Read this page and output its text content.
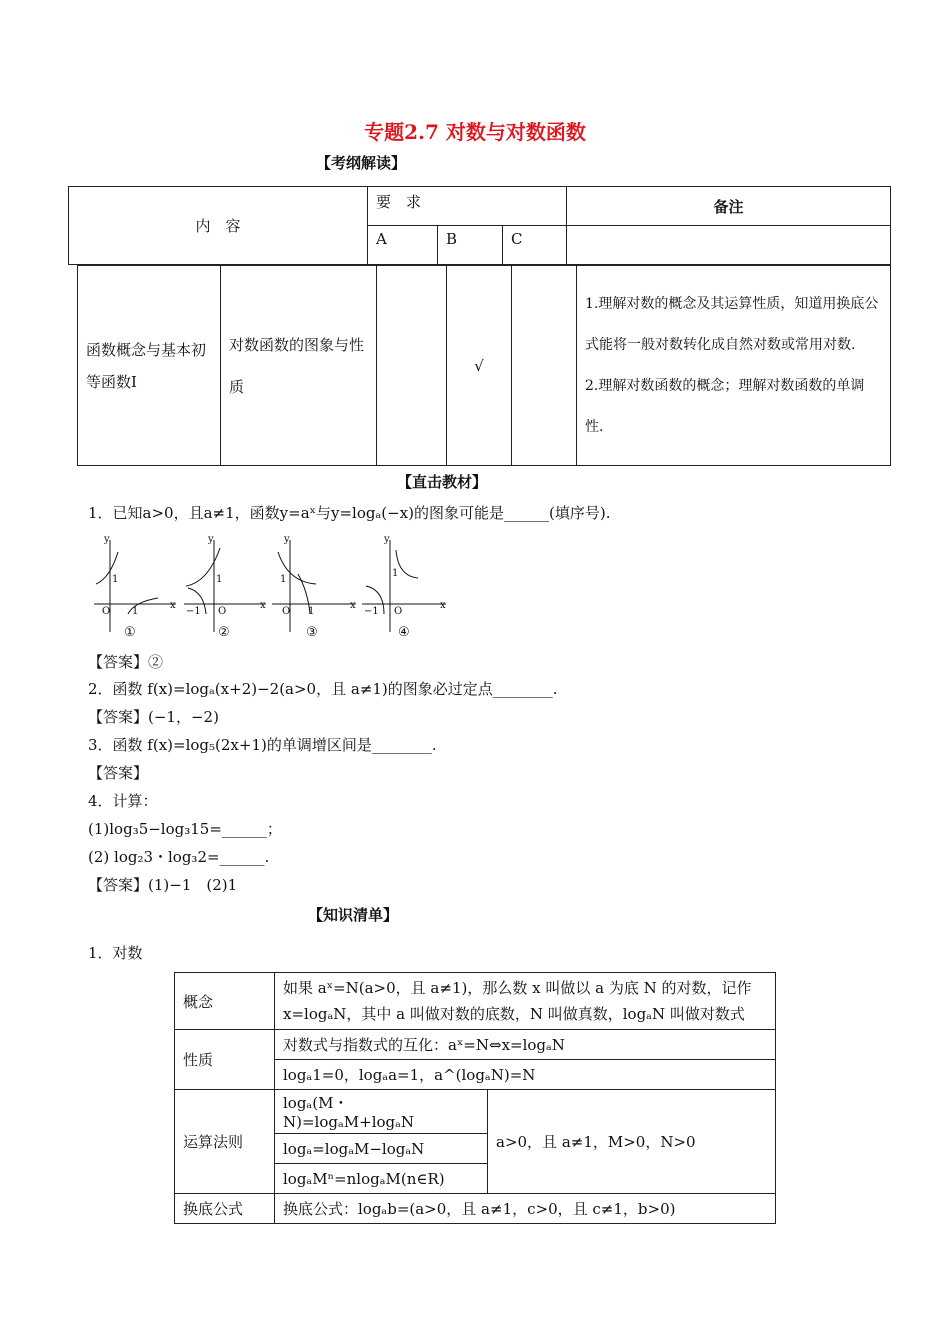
专题2.7 对数与对数函数
【考纲解读】
内　容	要　求			备注
	A	B	C	
函数概念与基本初等函数Ⅰ	对数函数的图象与性质		√		
1.理解对数的概念及其运算性质，知道用换底公式能将一般对数转化成自然对数或常用对数.
2.理解对数函数的概念；理解对数函数的单调性.
【直击教材】
1．已知a>0，且a≠1，函数y=aˣ与y=logₐ(−x)的图象可能是______(填序号).
y
x
1
O 1
y
x
1
−1 O
y
x
1
O 1
y
x
1
−1 O
①	②	③	④
【答案】②
2．函数 f(x)=logₐ(x+2)−2(a>0，且 a≠1)的图象必过定点________.
【答案】(−1，−2)
3．函数 f(x)=log₅(2x+1)的单调增区间是________.
【答案】
4．计算：
(1)log₃5−log₃15=______；
(2) log₂3・log₃2=______.
【答案】(1)−1　(2)1
【知识清单】
1．对数
概念	如果 aˣ=N(a>0，且 a≠1)，那么数 x 叫做以 a 为底 N 的对数，记作 x=logₐN，其中 a 叫做对数的底数，N 叫做真数，logₐN 叫做对数式	
性质	对数式与指数式的互化：aˣ=N⇔x=logₐN	
	logₐ1=0，logₐa=1，a^(logₐN)=N	
运算法则	logₐ(M・N)=logₐM+logₐN	a>0，且 a≠1，M>0，N>0
	logₐ=logₐM−logₐN	
	logₐMⁿ=nlogₐM(n∈R)	
换底公式	换底公式：logₐb=(a>0，且 a≠1，c>0，且 c≠1，b>0)	
